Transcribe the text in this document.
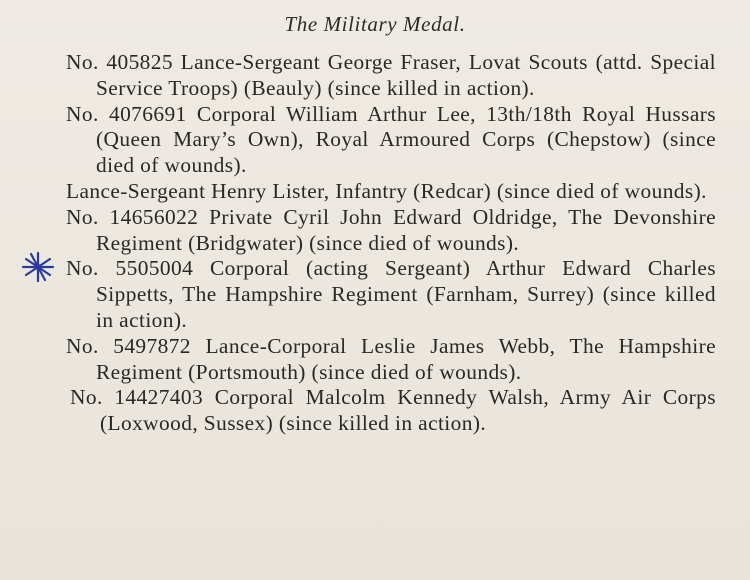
The Military Medal.

No. 405825 Lance-Sergeant George Fraser, Lovat Scouts (attd. Special Service Troops) (Beauly) (since killed in action).

No. 4076691 Corporal William Arthur Lee, 13th/18th Royal Hussars (Queen Mary’s Own), Royal Armoured Corps (Chepstow) (since died of wounds).

Lance-Sergeant Henry Lister, Infantry (Redcar) (since died of wounds).

No. 14656022 Private Cyril John Edward Oldridge, The Devonshire Regiment (Bridgwater) (since died of wounds).

No. 5505004 Corporal (acting Sergeant) Arthur Edward Charles Sippetts, The Hampshire Regiment (Farnham, Surrey) (since killed in action).

No. 5497872 Lance-Corporal Leslie James Webb, The Hampshire Regiment (Portsmouth) (since died of wounds).

No. 14427403 Corporal Malcolm Kennedy Walsh, Army Air Corps (Loxwood, Sussex) (since killed in action).
